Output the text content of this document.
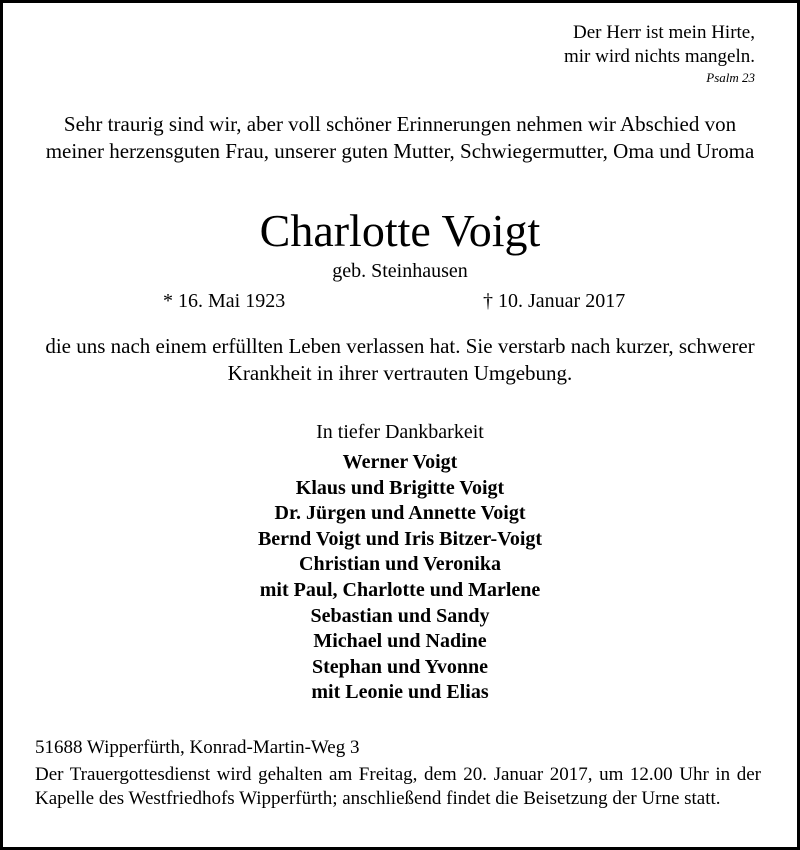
Der Herr ist mein Hirte,
mir wird nichts mangeln.
Psalm 23
Sehr traurig sind wir, aber voll schöner Erinnerungen nehmen wir Abschied von meiner herzensguten Frau, unserer guten Mutter, Schwiegermutter, Oma und Uroma
Charlotte Voigt
geb. Steinhausen
* 16. Mai 1923	† 10. Januar 2017
die uns nach einem erfüllten Leben verlassen hat. Sie verstarb nach kurzer, schwerer Krankheit in ihrer vertrauten Umgebung.
In tiefer Dankbarkeit
Werner Voigt
Klaus und Brigitte Voigt
Dr. Jürgen und Annette Voigt
Bernd Voigt und Iris Bitzer-Voigt
Christian und Veronika
mit Paul, Charlotte und Marlene
Sebastian und Sandy
Michael und Nadine
Stephan und Yvonne
mit Leonie und Elias
51688 Wipperfürth, Konrad-Martin-Weg 3
Der Trauergottesdienst wird gehalten am Freitag, dem 20. Januar 2017, um 12.00 Uhr in der Kapelle des Westfriedhofs Wipperfürth; anschließend findet die Beisetzung der Urne statt.
